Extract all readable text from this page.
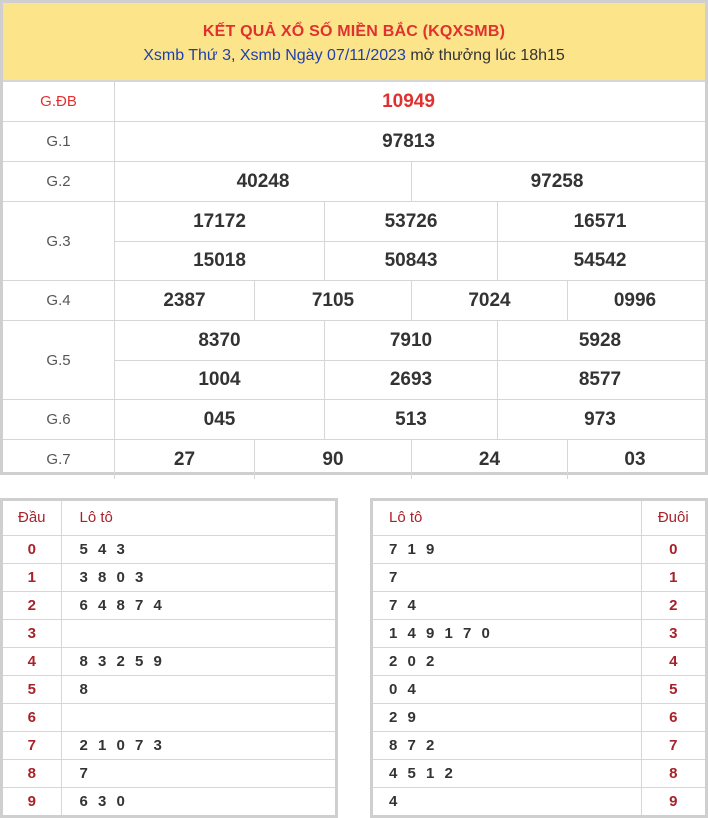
KẾT QUẢ XỔ SỐ MIỀN BẮC (KQXSMB)
Xsmb Thứ 3, Xsmb Ngày 07/11/2023 mở thưởng lúc 18h15
G.ĐB	10949
G.1	97813
G.2	40248	97258
G.3
17172	53726	16571
15018	50843	54542
G.4	2387	7105	7024	0996
G.5
8370	7910	5928
1004	2693	8577
G.6	045	513	973
G.7	27	90	24	03
Đầu	Lô tô
0	5 4 3
1	3 8 0 3
2	6 4 8 7 4
3	
4	8 3 2 5 9
5	8
6	
7	2 1 0 7 3
8	7
9	6 3 0
Lô tô	Đuôi
7 1 9	0
7	1
7 4	2
1 4 9 1 7 0	3
2 0 2	4
0 4	5
2 9	6
8 7 2	7
4 5 1 2	8
4	9
